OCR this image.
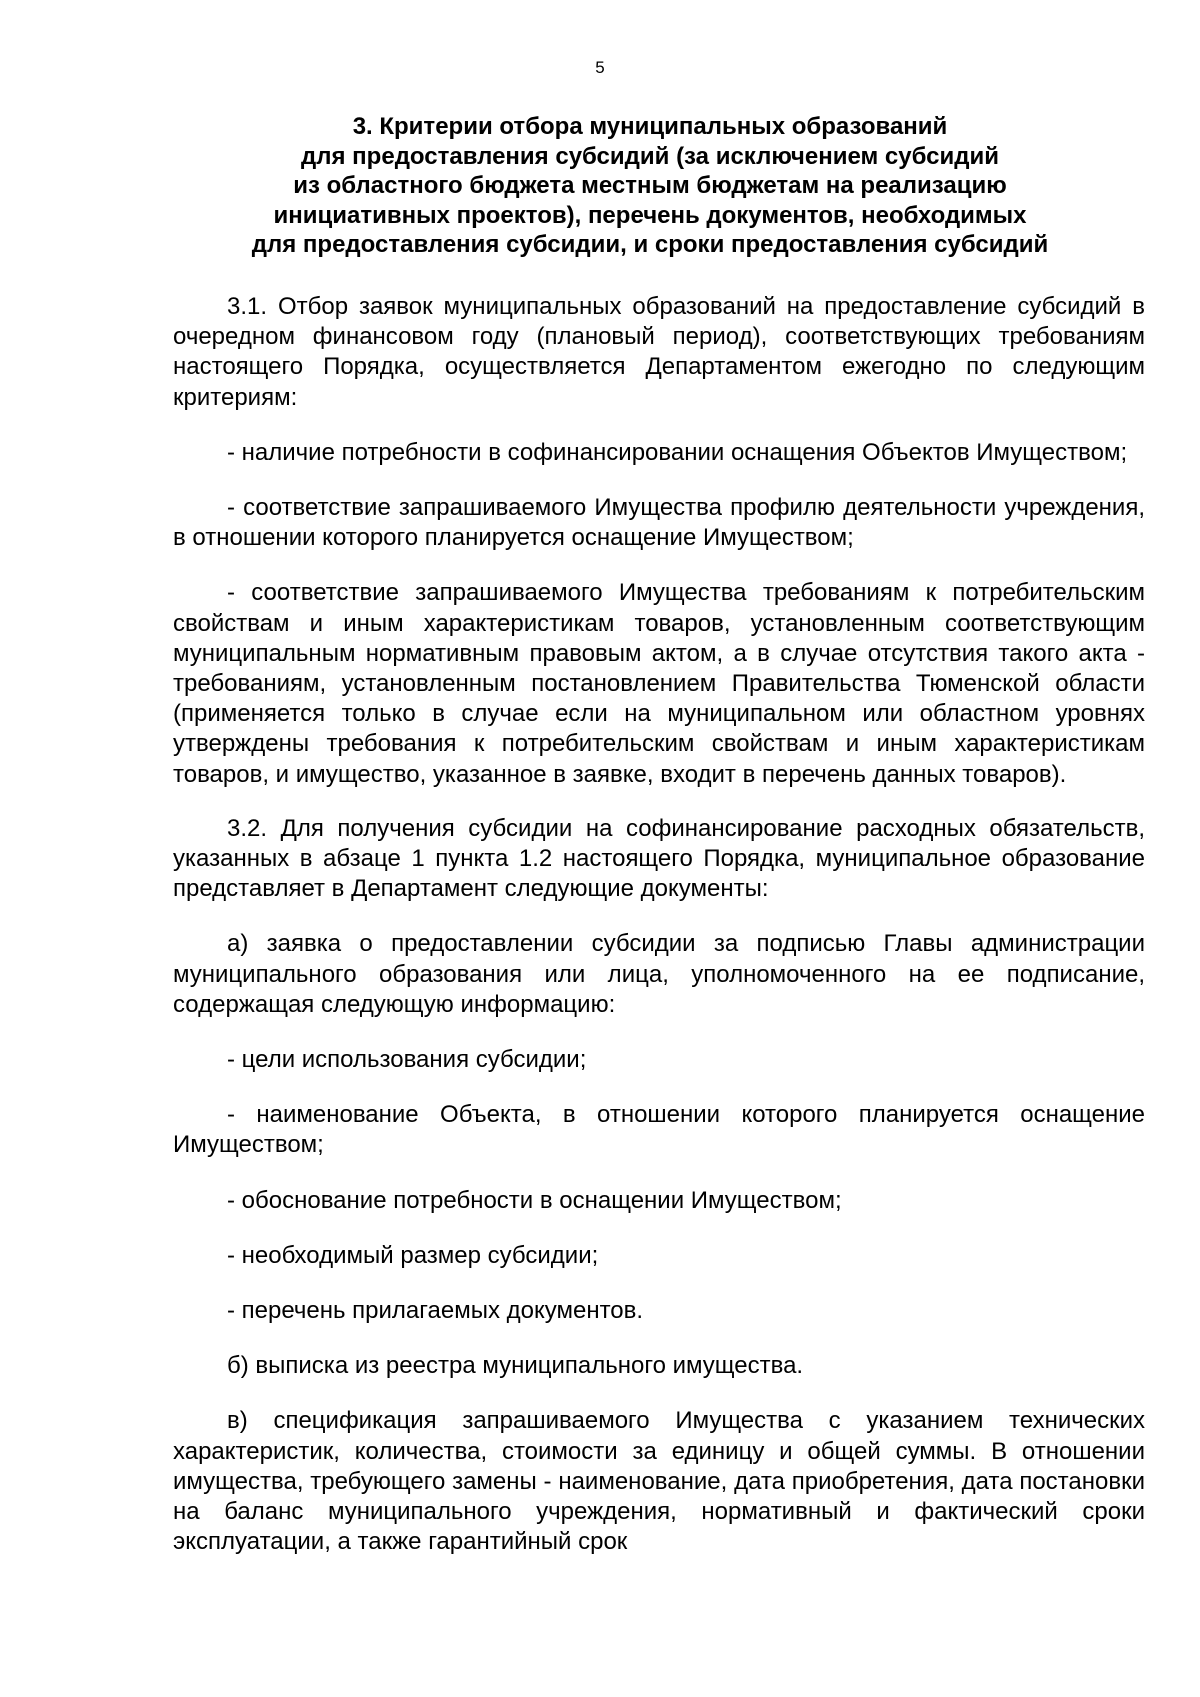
5
3. Критерии отбора муниципальных образований
для предоставления субсидий (за исключением субсидий
из областного бюджета местным бюджетам на реализацию
инициативных проектов), перечень документов, необходимых
для предоставления субсидии, и сроки предоставления субсидий

3.1. Отбор заявок муниципальных образований на предоставление субсидий в очередном финансовом году (плановый период), соответствующих требованиям настоящего Порядка, осуществляется Департаментом ежегодно по следующим критериям:

- наличие потребности в софинансировании оснащения Объектов Имуществом;

- соответствие запрашиваемого Имущества профилю деятельности учреждения, в отношении которого планируется оснащение Имуществом;

- соответствие запрашиваемого Имущества требованиям к потребительским свойствам и иным характеристикам товаров, установленным соответствующим муниципальным нормативным правовым актом, а в случае отсутствия такого акта - требованиям, установленным постановлением Правительства Тюменской области (применяется только в случае если на муниципальном или областном уровнях утверждены требования к потребительским свойствам и иным характеристикам товаров, и имущество, указанное в заявке, входит в перечень данных товаров).

3.2. Для получения субсидии на софинансирование расходных обязательств, указанных в абзаце 1 пункта 1.2 настоящего Порядка, муниципальное образование представляет в Департамент следующие документы:

а) заявка о предоставлении субсидии за подписью Главы администрации муниципального образования или лица, уполномоченного на ее подписание, содержащая следующую информацию:

- цели использования субсидии;

- наименование Объекта, в отношении которого планируется оснащение Имуществом;

- обоснование потребности в оснащении Имуществом;

- необходимый размер субсидии;

- перечень прилагаемых документов.

б) выписка из реестра муниципального имущества.

в) спецификация запрашиваемого Имущества с указанием технических характеристик, количества, стоимости за единицу и общей суммы. В отношении имущества, требующего замены - наименование, дата приобретения, дата постановки на баланс муниципального учреждения, нормативный и фактический сроки эксплуатации, а также гарантийный срок
